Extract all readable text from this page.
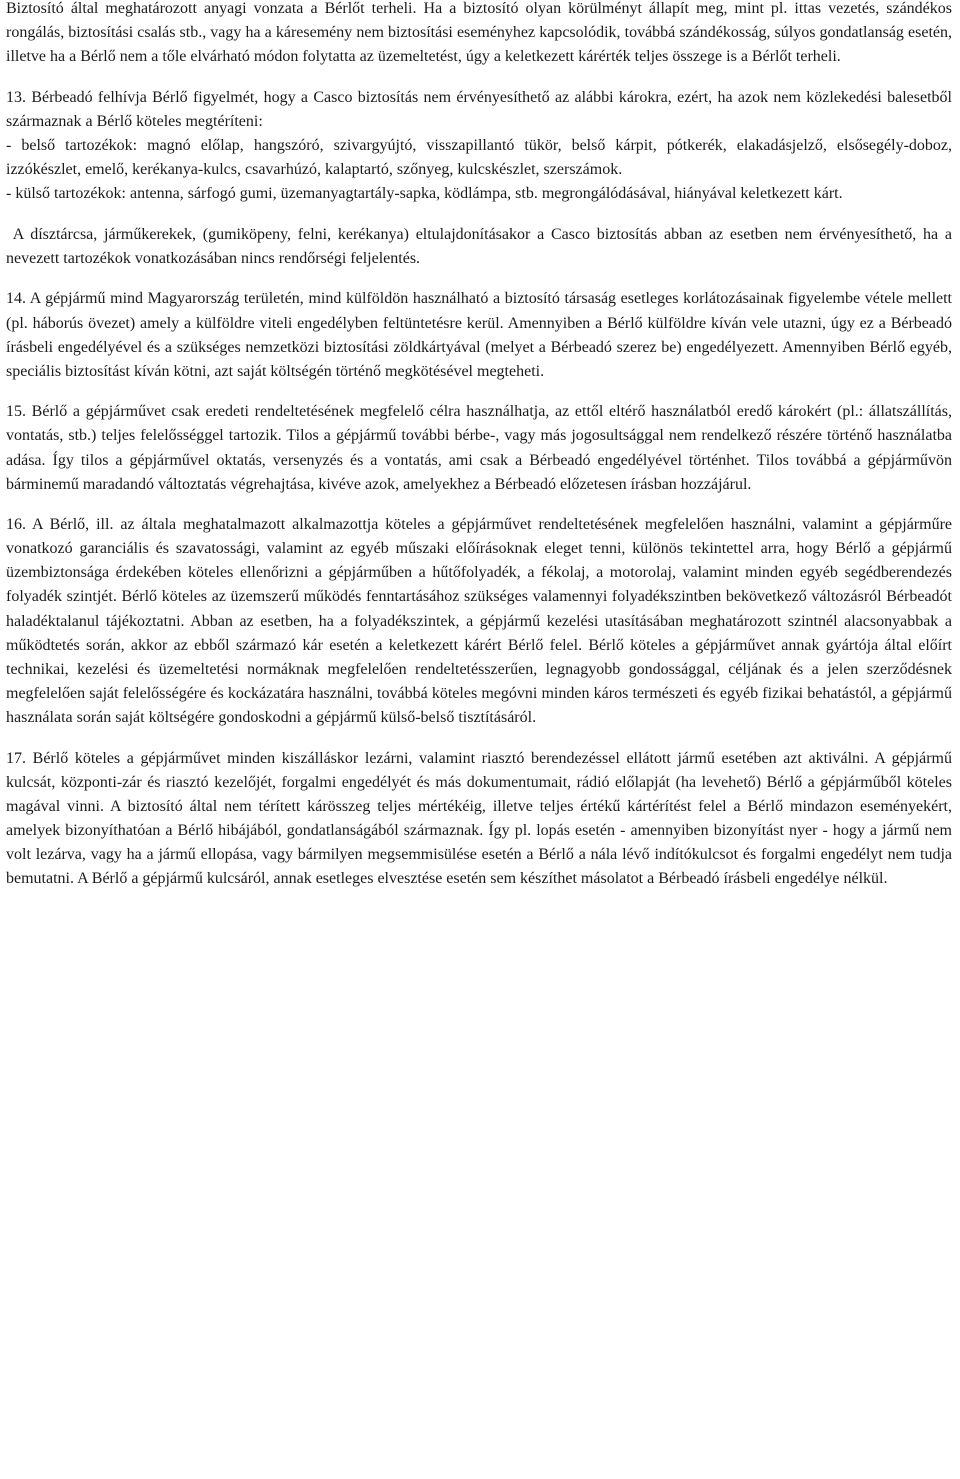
Biztosító által meghatározott anyagi vonzata a Bérlőt terheli. Ha a biztosító olyan körülményt állapít meg, mint pl. ittas vezetés, szándékos rongálás, biztosítási csalás stb., vagy ha a káresemény nem biztosítási eseményhez kapcsolódik, továbbá szándékosság, súlyos gondatlanság esetén, illetve ha a Bérlő nem a tőle elvárható módon folytatta az üzemeltetést, úgy a keletkezett kárérték teljes összege is a Bérlőt terheli.

13. Bérbeadó felhívja Bérlő figyelmét, hogy a Casco biztosítás nem érvényesíthető az alábbi károkra, ezért, ha azok nem közlekedési balesetből származnak a Bérlő köteles megtéríteni:

- belső tartozékok: magnó előlap, hangszóró, szivargyújtó, visszapillantó tükör, belső kárpit, pótkerék, elakadásjelző, elsősegély-doboz, izzókészlet, emelő, kerékanya-kulcs, csavarhúzó, kalaptartó, szőnyeg, kulcskészlet, szerszámok.

- külső tartozékok: antenna, sárfogó gumi, üzemanyagtartály-sapka, ködlámpa, stb. megrongálódásával, hiányával keletkezett kárt.

A dísztárcsa, járműkerekek, (gumiköpeny, felni, kerékanya) eltulajdonításakor a Casco biztosítás abban az esetben nem érvényesíthető, ha a nevezett tartozékok vonatkozásában nincs rendőrségi feljelentés.

14. A gépjármű mind Magyarország területén, mind külföldön használható a biztosító társaság esetleges korlátozásainak figyelembe vétele mellett (pl. háborús övezet) amely a külföldre viteli engedélyben feltüntetésre kerül. Amennyiben a Bérlő külföldre kíván vele utazni, úgy ez a Bérbeadó írásbeli engedélyével és a szükséges nemzetközi biztosítási zöldkártyával (melyet a Bérbeadó szerez be) engedélyezett. Amennyiben Bérlő egyéb, speciális biztosítást kíván kötni, azt saját költségén történő megkötésével megteheti.

15. Bérlő a gépjárművet csak eredeti rendeltetésének megfelelő célra használhatja, az ettől eltérő használatból eredő károkért (pl.: állatszállítás, vontatás, stb.) teljes felelősséggel tartozik. Tilos a gépjármű további bérbe-, vagy más jogosultsággal nem rendelkező részére történő használatba adása. Így tilos a gépjárművel oktatás, versenyzés és a vontatás, ami csak a Bérbeadó engedélyével történhet. Tilos továbbá a gépjárművön bárminemű maradandó változtatás végrehajtása, kivéve azok, amelyekhez a Bérbeadó előzetesen írásban hozzájárul.

16. A Bérlő, ill. az általa meghatalmazott alkalmazottja köteles a gépjárművet rendeltetésének megfelelően használni, valamint a gépjárműre vonatkozó garanciális és szavatossági, valamint az egyéb műszaki előírásoknak eleget tenni, különös tekintettel arra, hogy Bérlő a gépjármű üzembiztonsága érdekében köteles ellenőrizni a gépjárműben a hűtőfolyadék, a fékolaj, a motorolaj, valamint minden egyéb segédberendezés folyadék szintjét. Bérlő köteles az üzemszerű működés fenntartásához szükséges valamennyi folyadékszintben bekövetkező változásról Bérbeadót haladéktalanul tájékoztatni. Abban az esetben, ha a folyadékszintek, a gépjármű kezelési utasításában meghatározott szintnél alacsonyabbak a működtetés során, akkor az ebből származó kár esetén a keletkezett kárért Bérlő felel. Bérlő köteles a gépjárművet annak gyártója által előírt technikai, kezelési és üzemeltetési normáknak megfelelően rendeltetésszerűen, legnagyobb gondossággal, céljának és a jelen szerződésnek megfelelően saját felelősségére és kockázatára használni, továbbá köteles megóvni minden káros természeti és egyéb fizikai behatástól, a gépjármű használata során saját költségére gondoskodni a gépjármű külső-belső tisztításáról.

17. Bérlő köteles a gépjárművet minden kiszálláskor lezárni, valamint riasztó berendezéssel ellátott jármű esetében azt aktiválni. A gépjármű kulcsát, központi-zár és riasztó kezelőjét, forgalmi engedélyét és más dokumentumait, rádió előlapját (ha levehető) Bérlő a gépjárműből köteles magával vinni. A biztosító által nem térített kárösszeg teljes mértékéig, illetve teljes értékű kártérítést felel a Bérlő mindazon eseményekért, amelyek bizonyíthatóan a Bérlő hibájából, gondatlanságából származnak. Így pl. lopás esetén - amennyiben bizonyítást nyer - hogy a jármű nem volt lezárva, vagy ha a jármű ellopása, vagy bármilyen megsemmisülése esetén a Bérlő a nála lévő indítókulcsot és forgalmi engedélyt nem tudja bemutatni. A Bérlő a gépjármű kulcsáról, annak esetleges elvesztése esetén sem készíthet másolatot a Bérbeadó írásbeli engedélye nélkül.
